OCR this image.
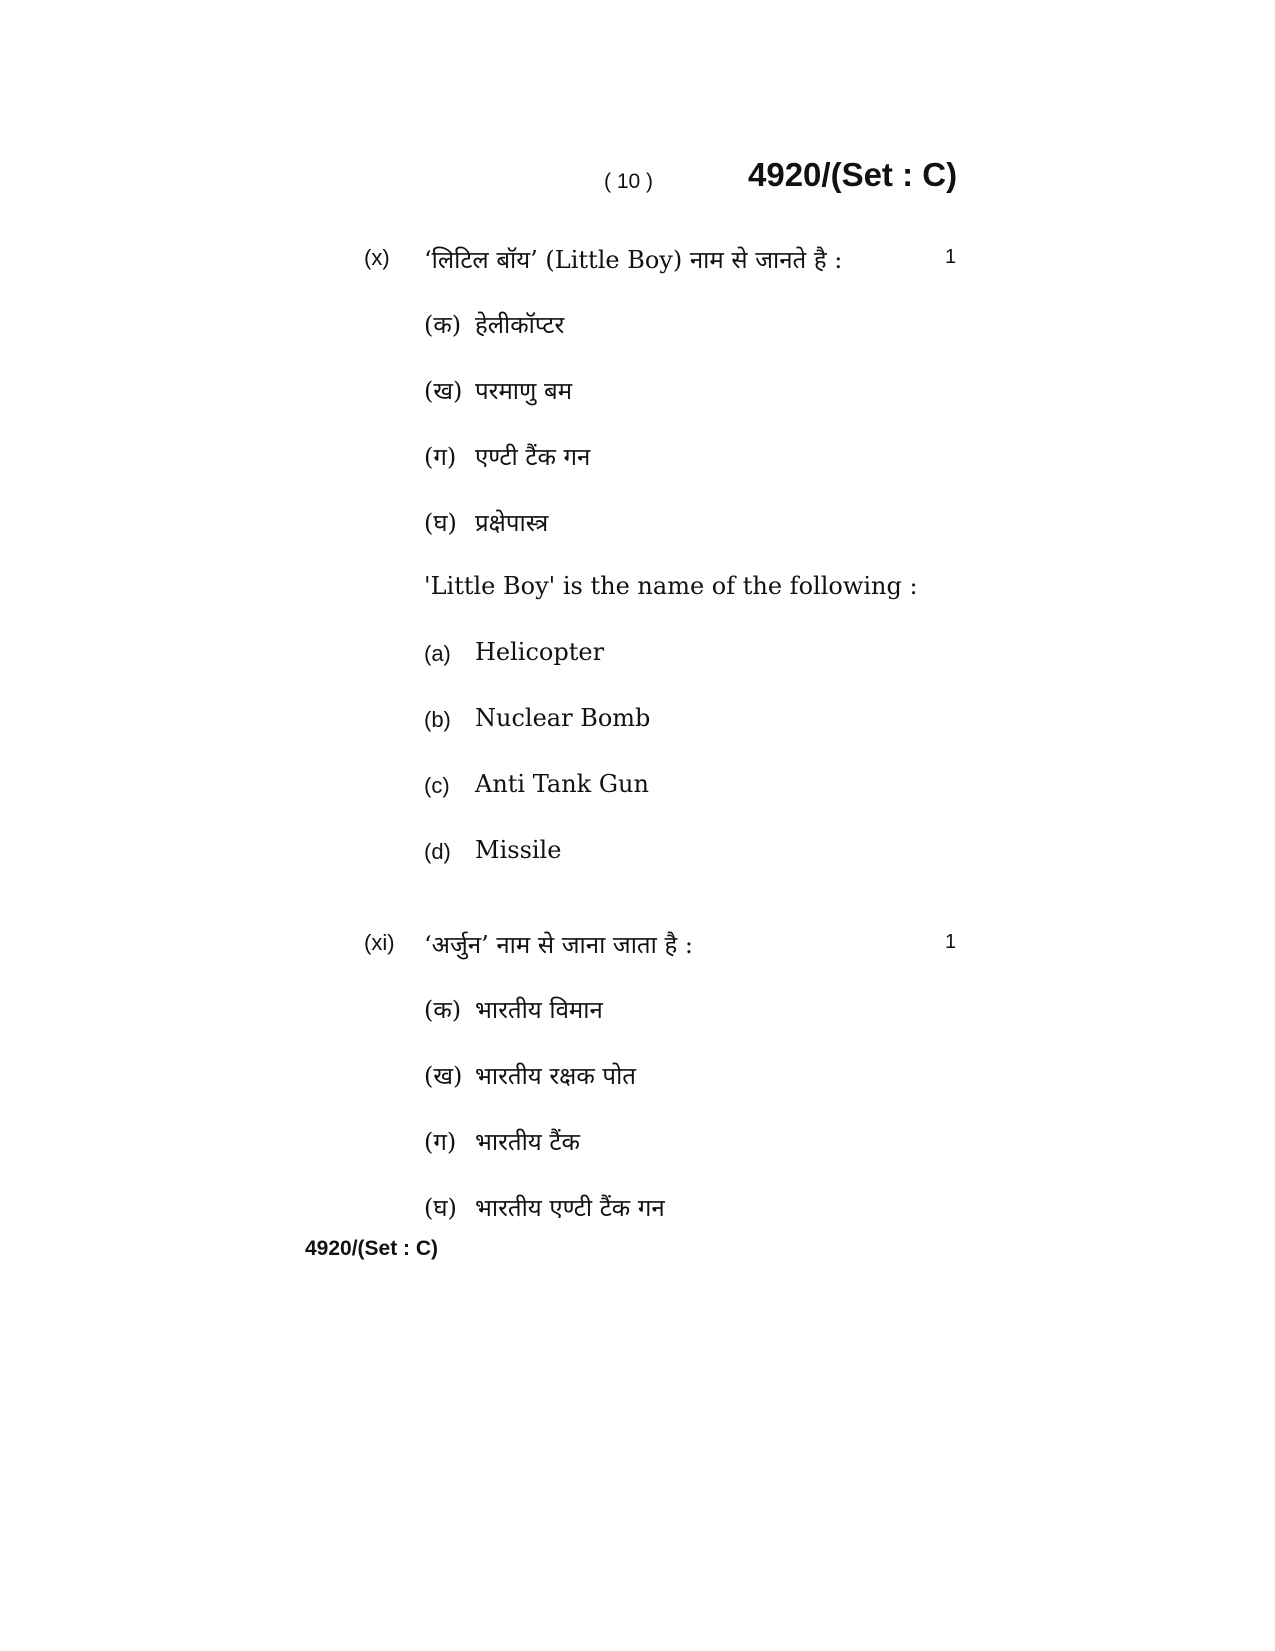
( 10 )	4920/(Set : C)
(x) ‘लिटिल बॉय’ (Little Boy) नाम से जानते है :	1
(क) हेलीकॉप्टर
(ख) परमाणु बम
(ग) एण्टी टैंक गन
(घ) प्रक्षेपास्त्र
'Little Boy' is the name of the following :
(a) Helicopter
(b) Nuclear Bomb
(c) Anti Tank Gun
(d) Missile
(xi) ‘अर्जुन’ नाम से जाना जाता है :	1
(क) भारतीय विमान
(ख) भारतीय रक्षक पोत
(ग) भारतीय टैंक
(घ) भारतीय एण्टी टैंक गन
4920/(Set : C)
